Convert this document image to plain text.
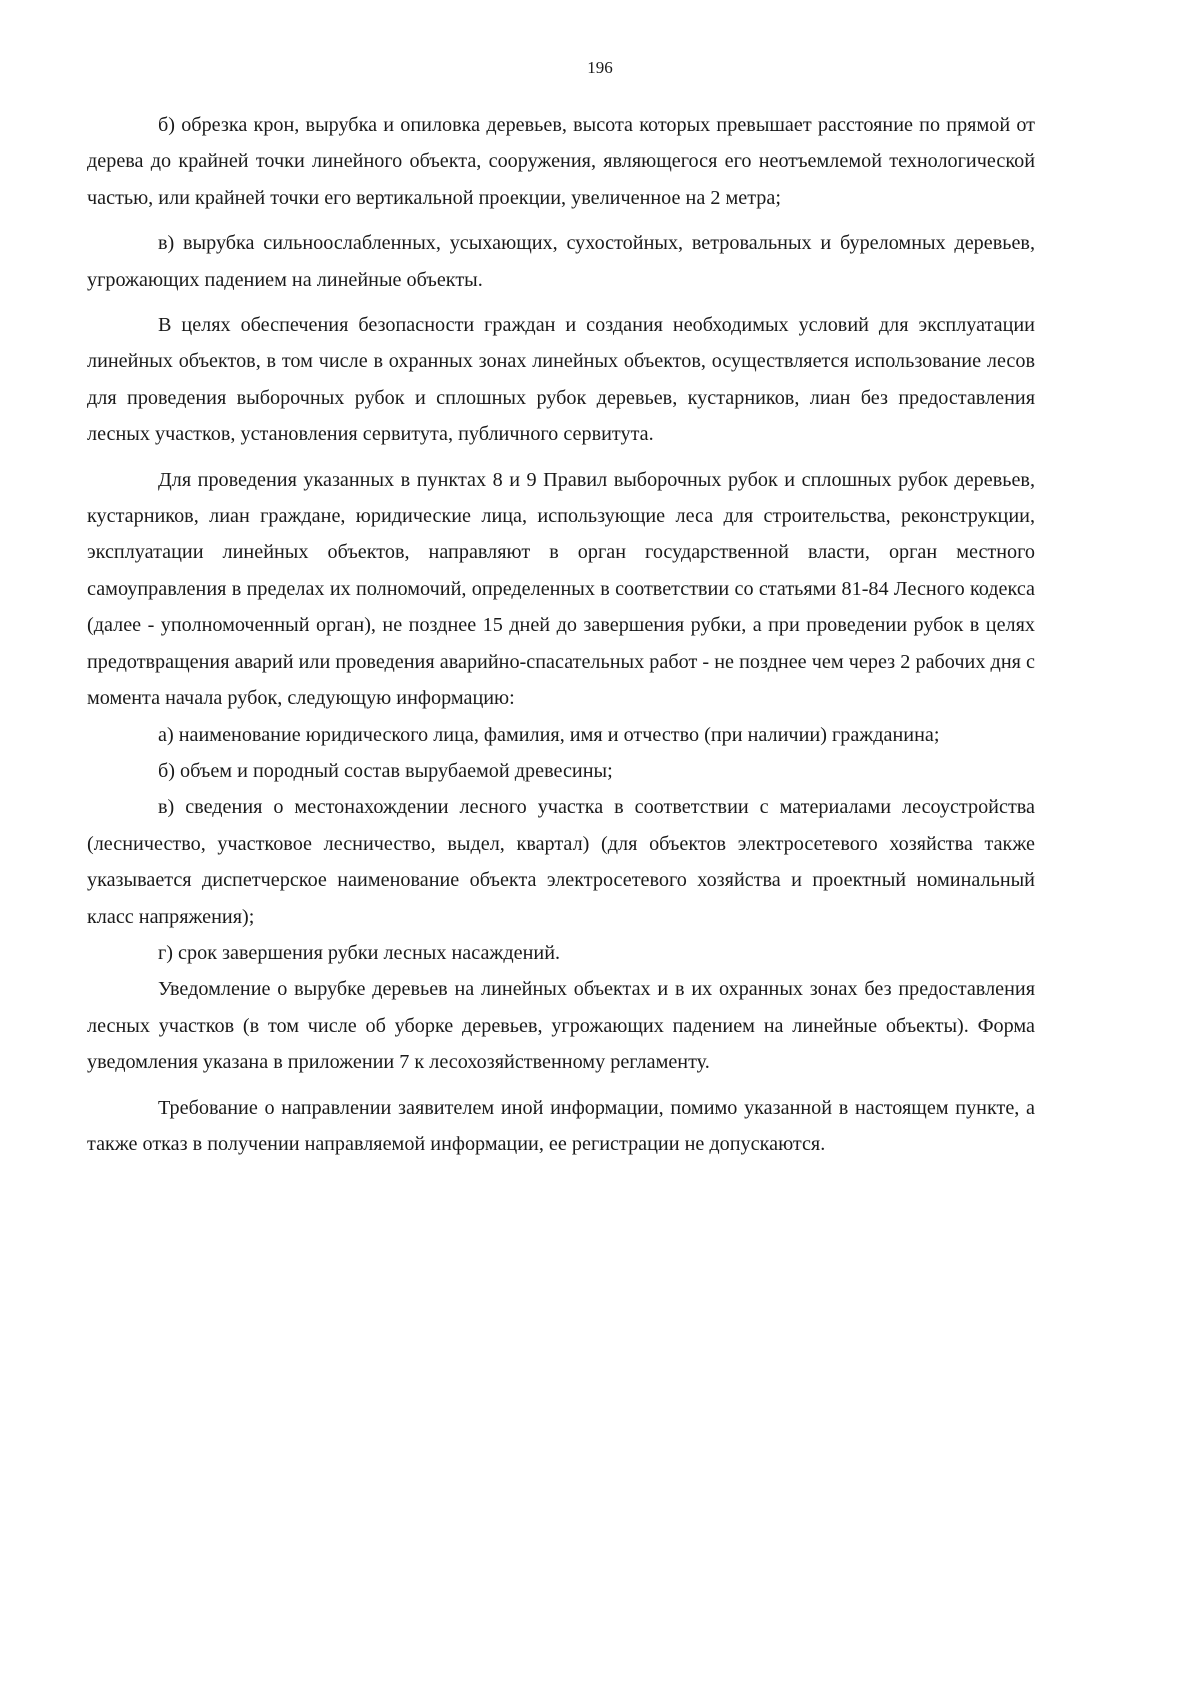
196

б) обрезка крон, вырубка и опиловка деревьев, высота которых превышает расстояние по прямой от дерева до крайней точки линейного объекта, сооружения, являющегося его неотъемлемой технологической частью, или крайней точки его вертикальной проекции, увеличенное на 2 метра;

в) вырубка сильноослабленных, усыхающих, сухостойных, ветровальных и буреломных деревьев, угрожающих падением на линейные объекты.

В целях обеспечения безопасности граждан и создания необходимых условий для эксплуатации линейных объектов, в том числе в охранных зонах линейных объектов, осуществляется использование лесов для проведения выборочных рубок и сплошных рубок деревьев, кустарников, лиан без предоставления лесных участков, установления сервитута, публичного сервитута.

Для проведения указанных в пунктах 8 и 9 Правил выборочных рубок и сплошных рубок деревьев, кустарников, лиан граждане, юридические лица, использующие леса для строительства, реконструкции, эксплуатации линейных объектов, направляют в орган государственной власти, орган местного самоуправления в пределах их полномочий, определенных в соответствии со статьями 81-84 Лесного кодекса (далее - уполномоченный орган), не позднее 15 дней до завершения рубки, а при проведении рубок в целях предотвращения аварий или проведения аварийно-спасательных работ - не позднее чем через 2 рабочих дня с момента начала рубок, следующую информацию:

а) наименование юридического лица, фамилия, имя и отчество (при наличии) гражданина;

б) объем и породный состав вырубаемой древесины;

в) сведения о местонахождении лесного участка в соответствии с материалами лесоустройства (лесничество, участковое лесничество, выдел, квартал) (для объектов электросетевого хозяйства также указывается диспетчерское наименование объекта электросетевого хозяйства и проектный номинальный класс напряжения);

г) срок завершения рубки лесных насаждений.

Уведомление о вырубке деревьев на линейных объектах и в их охранных зонах без предоставления лесных участков (в том числе об уборке деревьев, угрожающих падением на линейные объекты). Форма уведомления указана в приложении 7 к лесохозяйственному регламенту.

Требование о направлении заявителем иной информации, помимо указанной в настоящем пункте, а также отказ в получении направляемой информации, ее регистрации не допускаются.
